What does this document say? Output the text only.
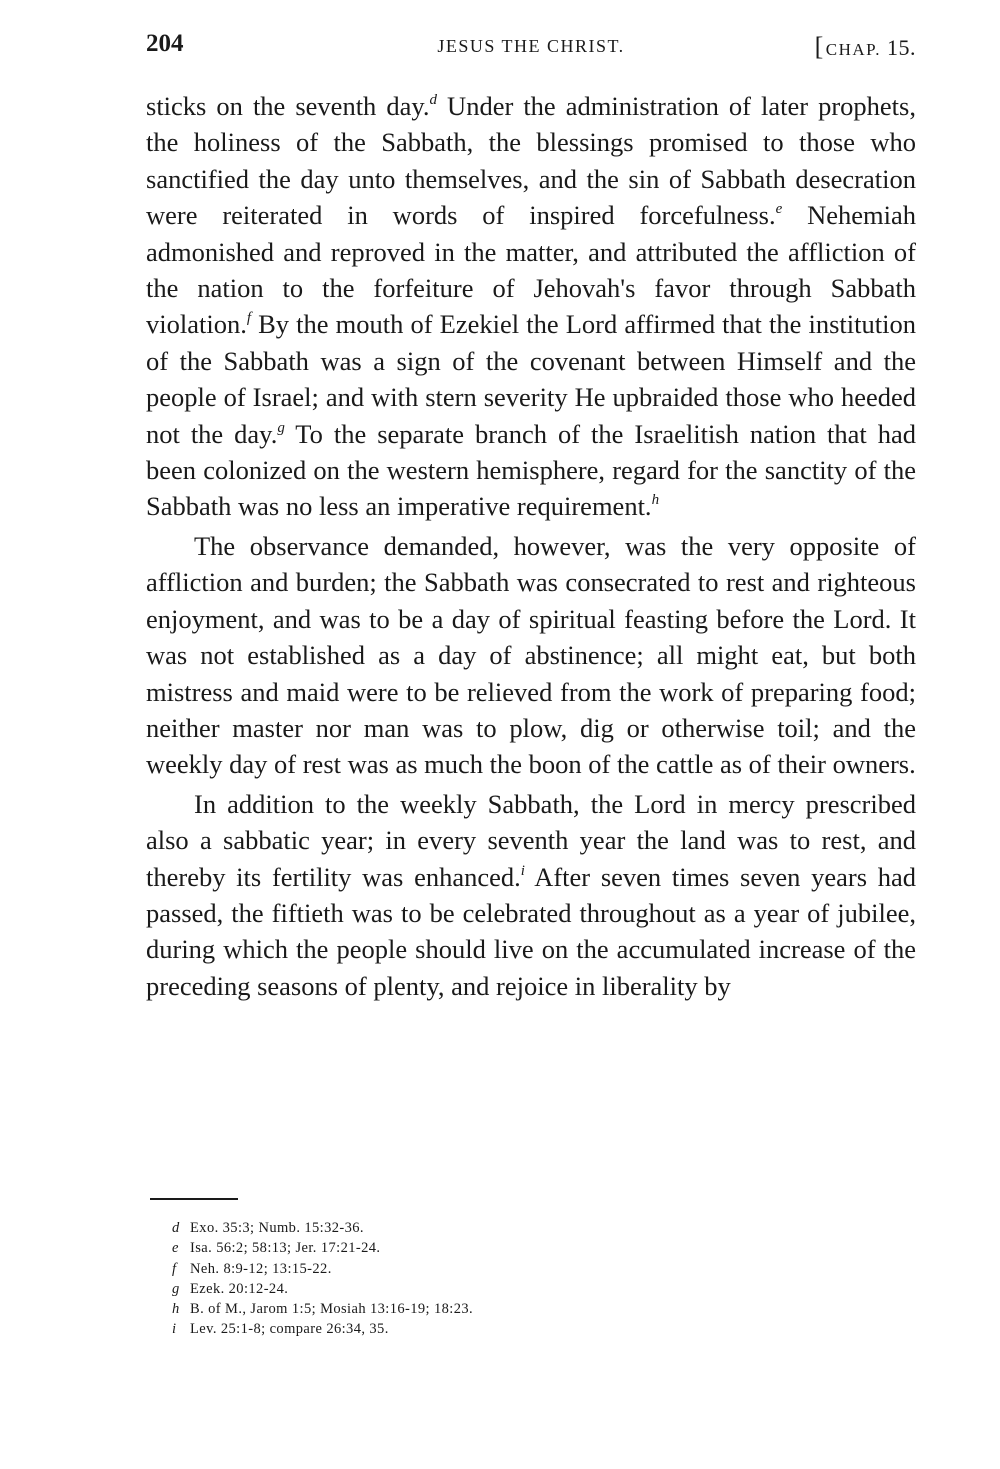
204	JESUS THE CHRIST.	[ CHAP. 15.

sticks on the seventh day.$^d$ Under the administration of later prophets, the holiness of the Sabbath, the blessings promised to those who sanctified the day unto themselves, and the sin of Sabbath desecration were reiterated in words of inspired forcefulness.$^e$ Nehemiah admonished and reproved in the matter, and attributed the affliction of the nation to the forfeiture of Jehovah's favor through Sabbath violation.$^f$ By the mouth of Ezekiel the Lord affirmed that the institution of the Sabbath was a sign of the covenant between Himself and the people of Israel; and with stern severity He upbraided those who heeded not the day.$^g$ To the separate branch of the Israelitish nation that had been colonized on the western hemisphere, regard for the sanctity of the Sabbath was no less an imperative requirement.$^h$

The observance demanded, however, was the very opposite of affliction and burden; the Sabbath was consecrated to rest and righteous enjoyment, and was to be a day of spiritual feasting before the Lord. It was not established as a day of abstinence; all might eat, but both mistress and maid were to be relieved from the work of preparing food; neither master nor man was to plow, dig or otherwise toil; and the weekly day of rest was as much the boon of the cattle as of their owners.

In addition to the weekly Sabbath, the Lord in mercy prescribed also a sabbatic year; in every seventh year the land was to rest, and thereby its fertility was enhanced.$^i$ After seven times seven years had passed, the fiftieth was to be celebrated throughout as a year of jubilee, during which the people should live on the accumulated increase of the preceding seasons of plenty, and rejoice in liberality by

d Exo. 35:3; Numb. 15:32-36.
e Isa. 56:2; 58:13; Jer. 17:21-24.
f Neh. 8:9-12; 13:15-22.
g Ezek. 20:12-24.
h B. of M., Jarom 1:5; Mosiah 13:16-19; 18:23.
i Lev. 25:1-8; compare 26:34, 35.
